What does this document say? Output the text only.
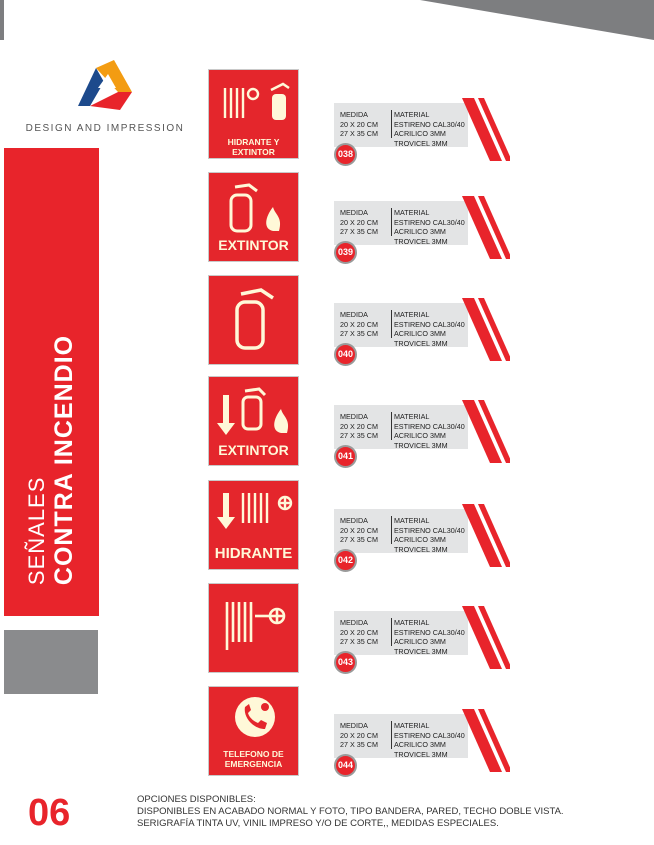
DESIGN AND IMPRESSION
SEÑALES CONTRA INCENDIO
HIDRANTE Y EXTINTOR
EXTINTOR
EXTINTOR
HIDRANTE
TELEFONO DE EMERGENCIA
MEDIDA
20 X 20 CM
27 X 35 CM
MATERIAL
ESTIRENO CAL30/40
ACRILICO 3MM
TROVICEL 3MM
038
MEDIDA
20 X 20 CM
27 X 35 CM
MATERIAL
ESTIRENO CAL30/40
ACRILICO 3MM
TROVICEL 3MM
039
MEDIDA
20 X 20 CM
27 X 35 CM
MATERIAL
ESTIRENO CAL30/40
ACRILICO 3MM
TROVICEL 3MM
040
MEDIDA
20 X 20 CM
27 X 35 CM
MATERIAL
ESTIRENO CAL30/40
ACRILICO 3MM
TROVICEL 3MM
041
MEDIDA
20 X 20 CM
27 X 35 CM
MATERIAL
ESTIRENO CAL30/40
ACRILICO 3MM
TROVICEL 3MM
042
MEDIDA
20 X 20 CM
27 X 35 CM
MATERIAL
ESTIRENO CAL30/40
ACRILICO 3MM
TROVICEL 3MM
043
MEDIDA
20 X 20 CM
27 X 35 CM
MATERIAL
ESTIRENO CAL30/40
ACRILICO 3MM
TROVICEL 3MM
044
06	OPCIONES DISPONIBLES:
DISPONIBLES EN ACABADO NORMAL Y FOTO, TIPO BANDERA, PARED, TECHO DOBLE VISTA.
SERIGRAFÍA TINTA UV, VINIL IMPRESO Y/O DE CORTE,, MEDIDAS ESPECIALES.
